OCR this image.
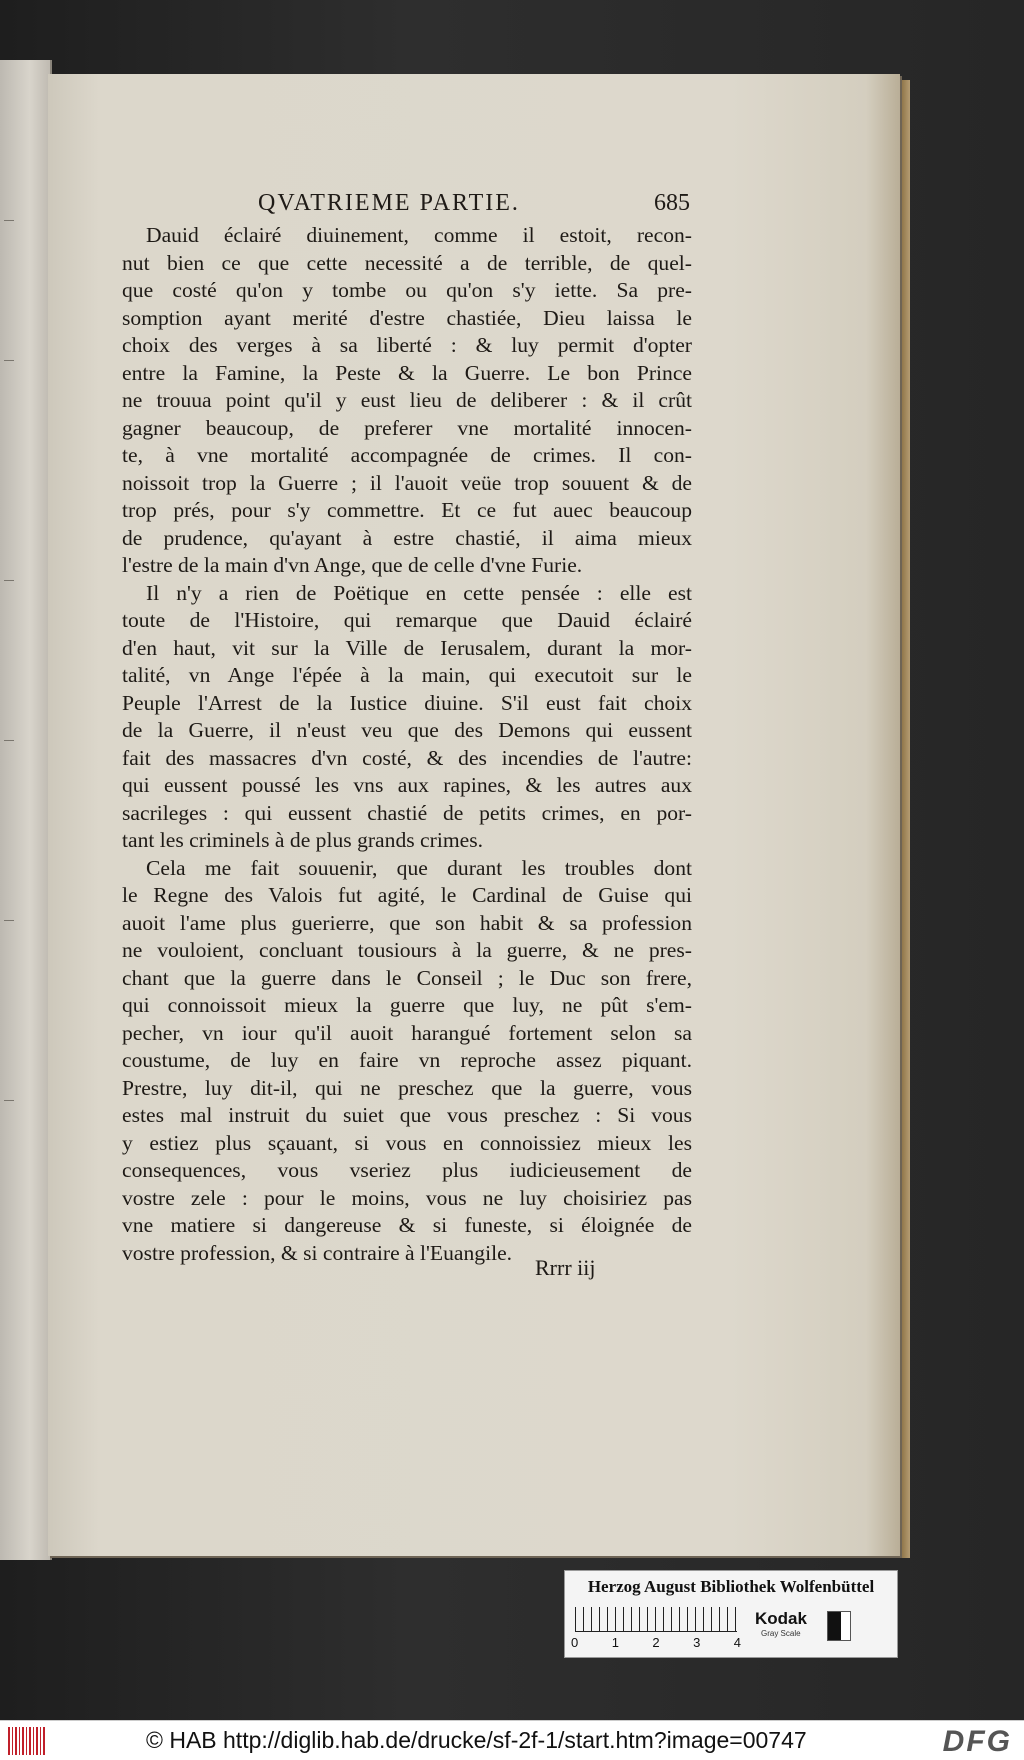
QVATRIEME PARTIE.	685
Dauid éclairé diuinement, comme il estoit, recon-
nut bien ce que cette necessité a de terrible, de quel-
que costé qu'on y tombe ou qu'on s'y iette. Sa pre-
somption ayant merité d'estre chastiée, Dieu laissa le
choix des verges à sa liberté : & luy permit d'opter
entre la Famine, la Peste & la Guerre. Le bon Prince
ne trouua point qu'il y eust lieu de deliberer : & il crût
gagner beaucoup, de preferer vne mortalité innocen-
te, à vne mortalité accompagnée de crimes. Il con-
noissoit trop la Guerre ; il l'auoit veüe trop souuent & de
trop prés, pour s'y commettre. Et ce fut auec beaucoup
de prudence, qu'ayant à estre chastié, il aima mieux
l'estre de la main d'vn Ange, que de celle d'vne Furie.
Il n'y a rien de Poëtique en cette pensée : elle est
toute de l'Histoire, qui remarque que Dauid éclairé
d'en haut, vit sur la Ville de Ierusalem, durant la mor-
talité, vn Ange l'épée à la main, qui executoit sur le
Peuple l'Arrest de la Iustice diuine. S'il eust fait choix
de la Guerre, il n'eust veu que des Demons qui eussent
fait des massacres d'vn costé, & des incendies de l'autre:
qui eussent poussé les vns aux rapines, & les autres aux
sacrileges : qui eussent chastié de petits crimes, en por-
tant les criminels à de plus grands crimes.
Cela me fait souuenir, que durant les troubles dont
le Regne des Valois fut agité, le Cardinal de Guise qui
auoit l'ame plus guerierre, que son habit & sa profession
ne vouloient, concluant tousiours à la guerre, & ne pres-
chant que la guerre dans le Conseil ; le Duc son frere,
qui connoissoit mieux la guerre que luy, ne pût s'em-
pecher, vn iour qu'il auoit harangué fortement selon sa
coustume, de luy en faire vn reproche assez piquant.
Prestre, luy dit-il, qui ne preschez que la guerre, vous
estes mal instruit du suiet que vous preschez : Si vous
y estiez plus sçauant, si vous en connoissiez mieux les
consequences, vous vseriez plus iudicieusement de
vostre zele : pour le moins, vous ne luy choisiriez pas
vne matiere si dangereuse & si funeste, si éloignée de
vostre profession, & si contraire à l'Euangile.
Rrrr iij
Herzog August Bibliothek Wolfenbüttel
0	1	2	3	4
Kodak
Gray Scale
© HAB http://diglib.hab.de/drucke/sf-2f-1/start.htm?image=00747	DFG
